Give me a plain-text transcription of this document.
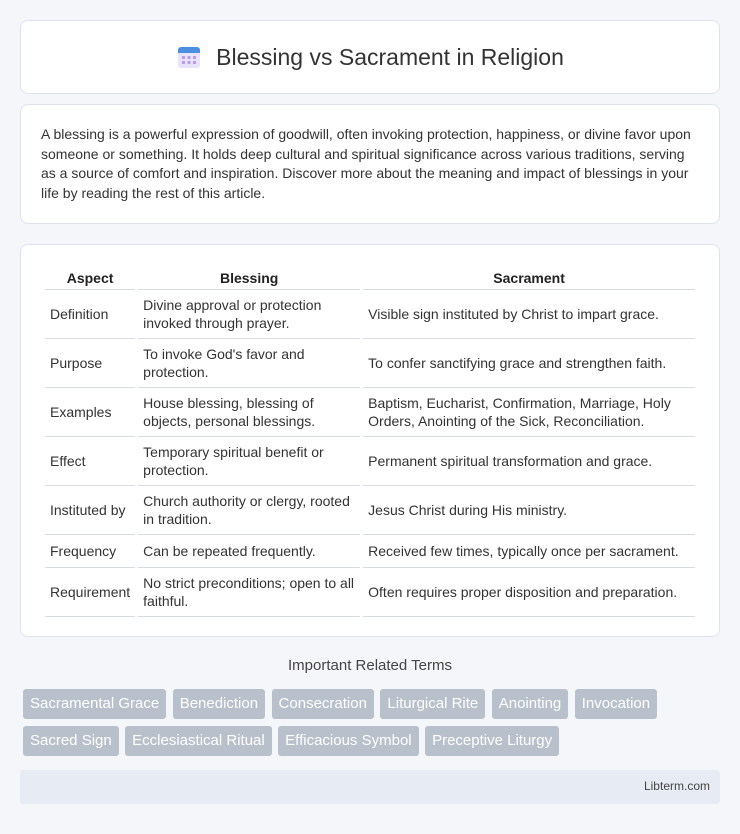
Blessing vs Sacrament in Religion

A blessing is a powerful expression of goodwill, often invoking protection, happiness, or divine favor upon someone or something. It holds deep cultural and spiritual significance across various traditions, serving as a source of comfort and inspiration. Discover more about the meaning and impact of blessings in your life by reading the rest of this article.

Aspect	Blessing	Sacrament
Definition	Divine approval or protection invoked through prayer.	Visible sign instituted by Christ to impart grace.
Purpose	To invoke God's favor and protection.	To confer sanctifying grace and strengthen faith.
Examples	House blessing, blessing of objects, personal blessings.	Baptism, Eucharist, Confirmation, Marriage, Holy Orders, Anointing of the Sick, Reconciliation.
Effect	Temporary spiritual benefit or protection.	Permanent spiritual transformation and grace.
Instituted by	Church authority or clergy, rooted in tradition.	Jesus Christ during His ministry.
Frequency	Can be repeated frequently.	Received few times, typically once per sacrament.
Requirement	No strict preconditions; open to all faithful.	Often requires proper disposition and preparation.
Important Related Terms
Sacramental Grace Benediction Consecration Liturgical Rite Anointing Invocation Sacred Sign Ecclesiastical Ritual Efficacious Symbol Preceptive Liturgy
Libterm.com
